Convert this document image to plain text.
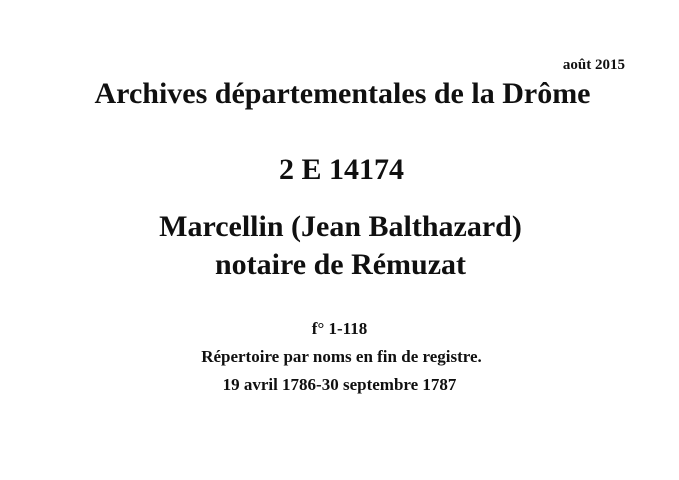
août 2015
Archives départementales de la Drôme
2 E 14174
Marcellin (Jean Balthazard)
notaire de Rémuzat
f° 1-118
Répertoire par noms en fin de registre.
19 avril 1786-30 septembre 1787
